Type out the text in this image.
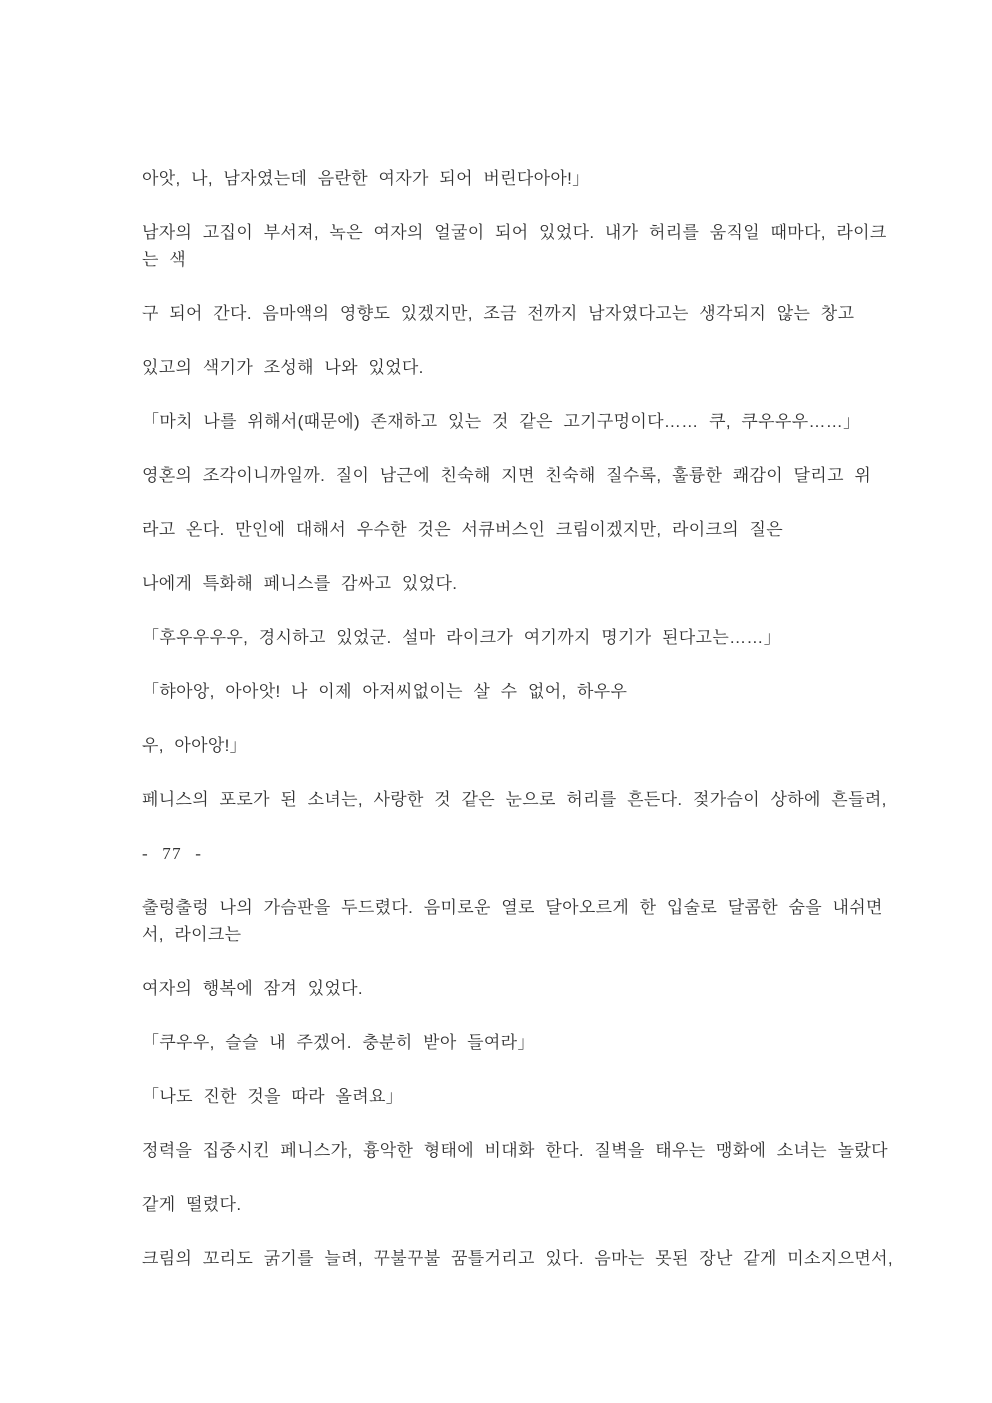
아앗, 나, 남자였는데 음란한 여자가 되어 버린다아아!」
남자의 고집이 부서져, 녹은 여자의 얼굴이 되어 있었다. 내가 허리를 움직일 때마다, 라이크
는 색
구 되어 간다. 음마액의 영향도 있겠지만, 조금 전까지 남자였다고는 생각되지 않는 창고
있고의 색기가 조성해 나와 있었다.
「마치 나를 위해서(때문에) 존재하고 있는 것 같은 고기구멍이다…… 쿠, 쿠우우우……」
영혼의 조각이니까일까. 질이 남근에 친숙해 지면 친숙해 질수록, 훌륭한 쾌감이 달리고 위
라고 온다. 만인에 대해서 우수한 것은 서큐버스인 크림이겠지만, 라이크의 질은
나에게 특화해 페니스를 감싸고 있었다.
「후우우우우, 경시하고 있었군. 설마 라이크가 여기까지 명기가 된다고는……」
「햐아앙, 아아앗! 나 이제 아저씨없이는 살 수 없어, 하우우
우, 아아앙!」
페니스의 포로가 된 소녀는, 사랑한 것 같은 눈으로 허리를 흔든다. 젖가슴이 상하에 흔들려,
- 77 -
출렁출렁 나의 가슴판을 두드렸다. 음미로운 열로 달아오르게 한 입술로 달콤한 숨을 내쉬면
서, 라이크는
여자의 행복에 잠겨 있었다.
「쿠우우, 슬슬 내 주겠어. 충분히 받아 들여라」
「나도 진한 것을 따라 올려요」
정력을 집중시킨 페니스가, 흉악한 형태에 비대화 한다. 질벽을 태우는 맹화에 소녀는 놀랐다
같게 떨렸다.
크림의 꼬리도 굵기를 늘려, 꾸불꾸불 꿈틀거리고 있다. 음마는 못된 장난 같게 미소지으면서,
